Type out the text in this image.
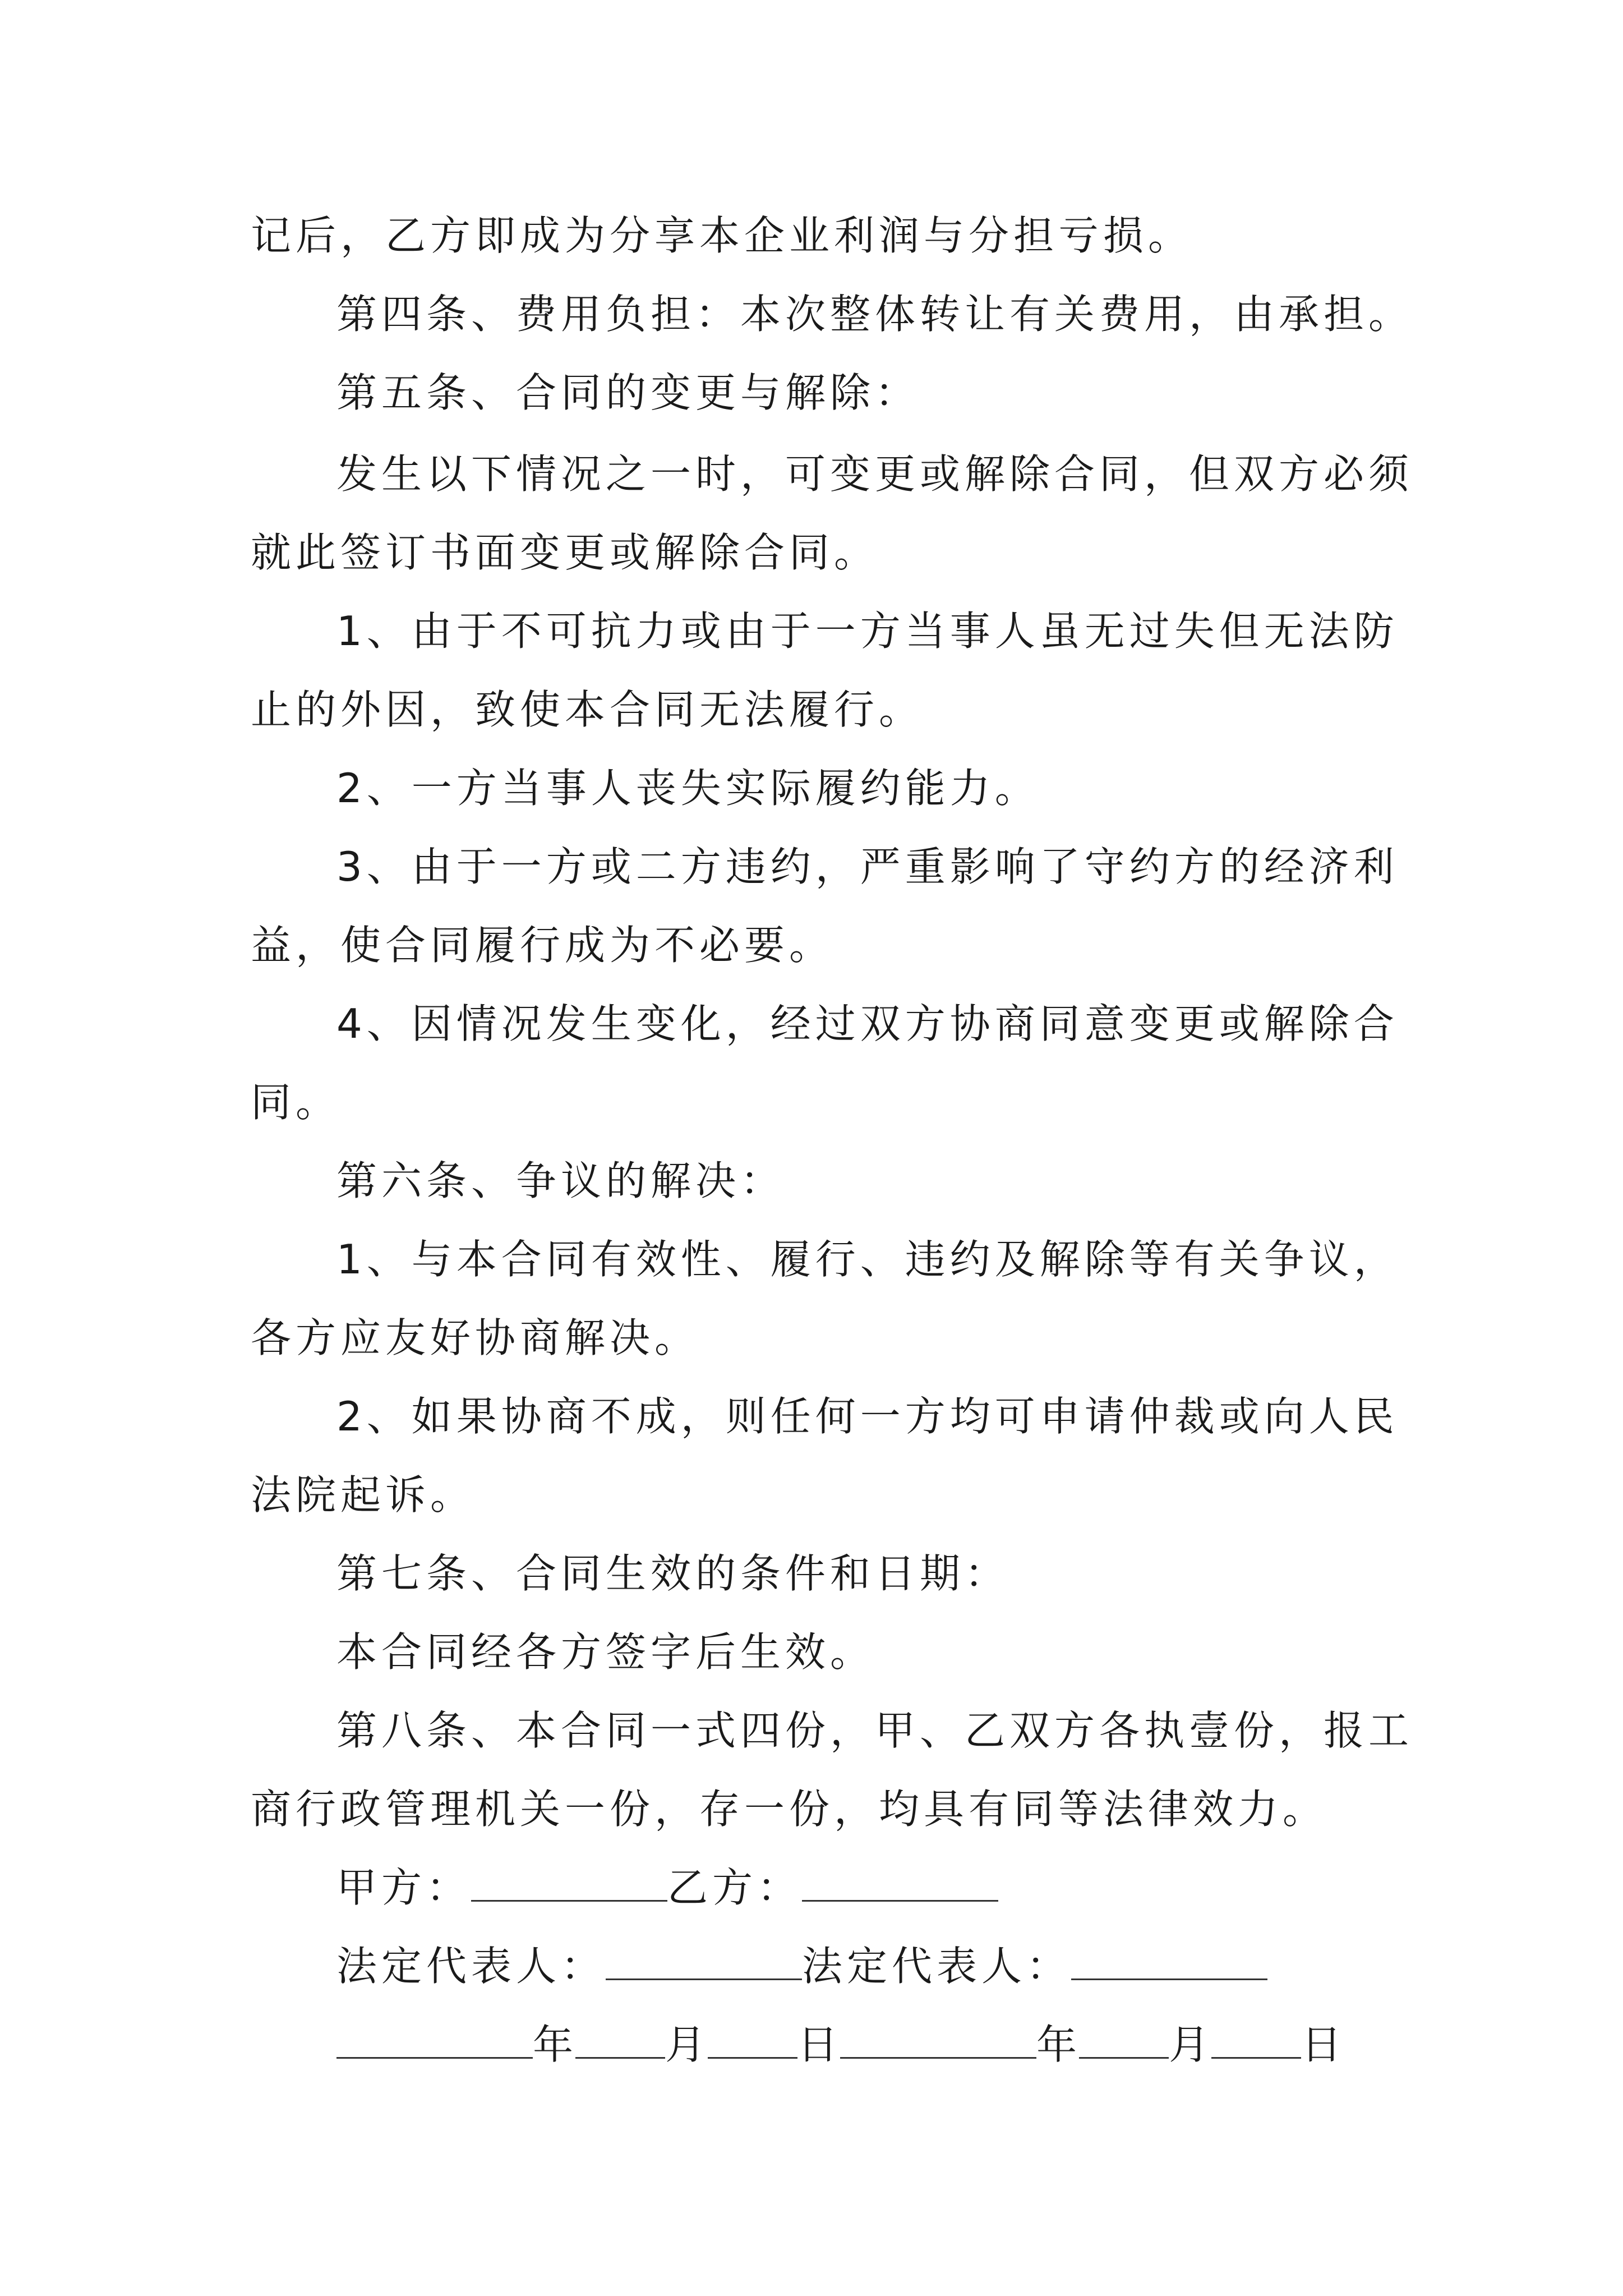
记后，乙方即成为分享本企业利润与分担亏损。
第四条、费用负担：本次整体转让有关费用，由承担。
第五条、合同的变更与解除：
发生以下情况之一时，可变更或解除合同，但双方必须
就此签订书面变更或解除合同。
1、由于不可抗力或由于一方当事人虽无过失但无法防
止的外因，致使本合同无法履行。
2、一方当事人丧失实际履约能力。
3、由于一方或二方违约，严重影响了守约方的经济利
益，使合同履行成为不必要。
4、因情况发生变化，经过双方协商同意变更或解除合
同。
第六条、争议的解决：
1、与本合同有效性、履行、违约及解除等有关争议，
各方应友好协商解决。
2、如果协商不成，则任何一方均可申请仲裁或向人民
法院起诉。
第七条、合同生效的条件和日期：
本合同经各方签字后生效。
第八条、本合同一式四份，甲、乙双方各执壹份，报工
商行政管理机关一份，存一份，均具有同等法律效力。
甲方：	乙方：
法定代表人：	法定代表人：
年 月 日	年 月 日
